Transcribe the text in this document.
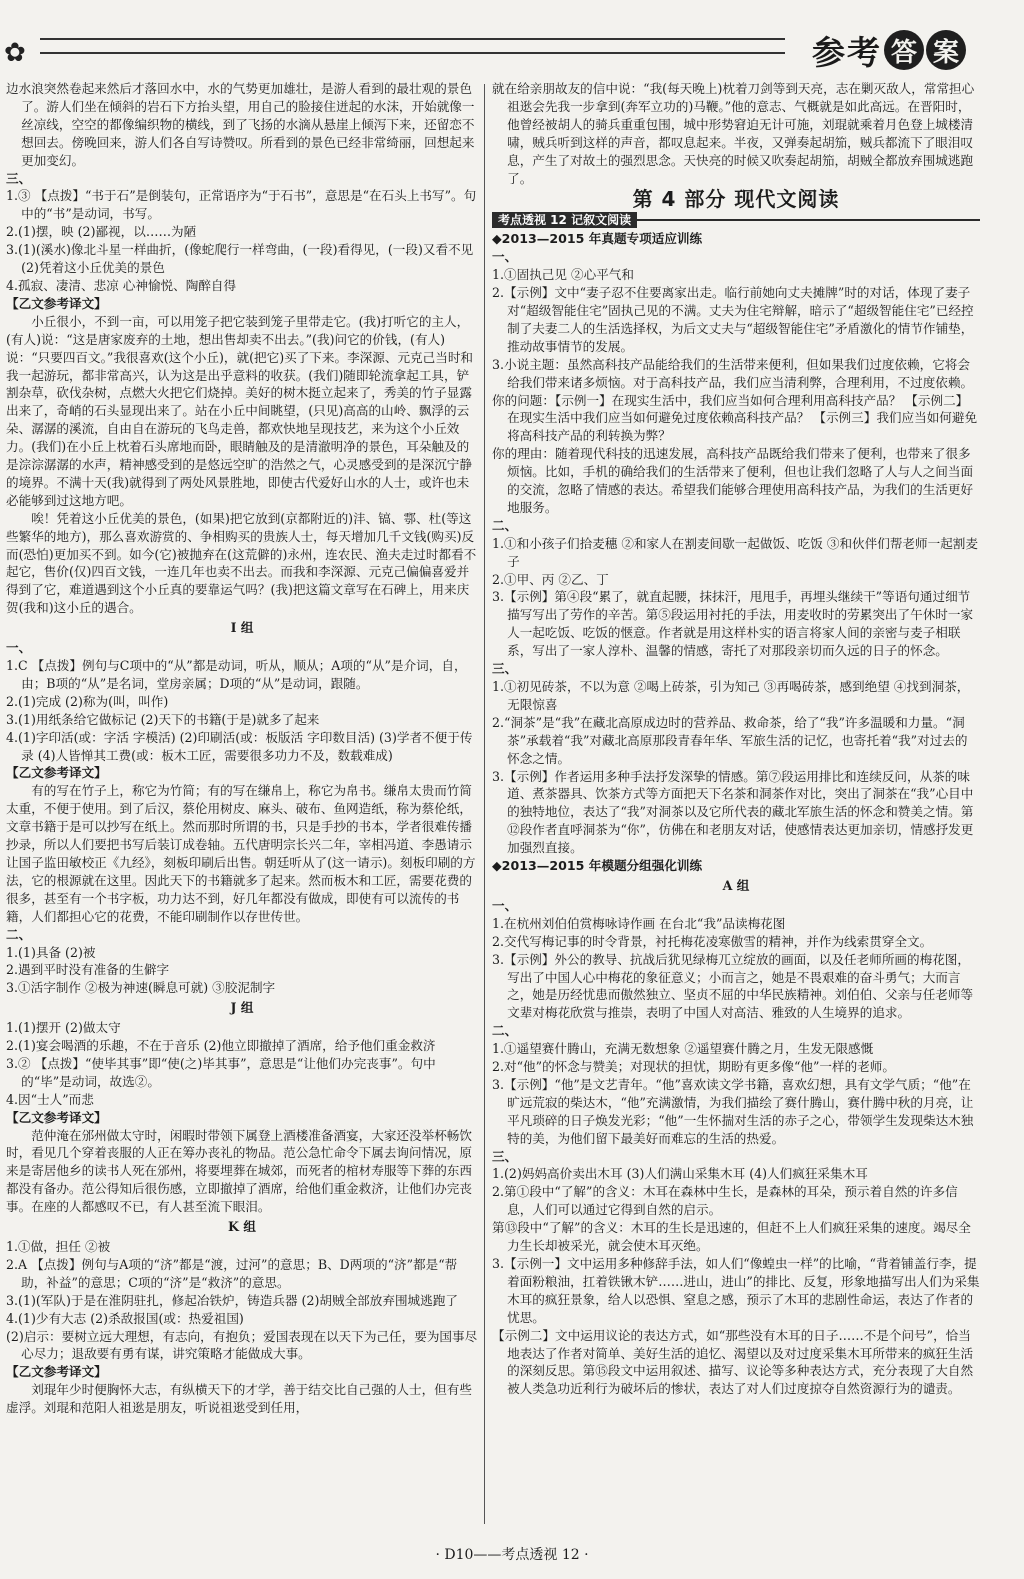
✿	参考 答 案

边水浪突然卷起来然后才落回水中，水的气势更加雄壮，是游人看到的最壮观的景色了。游人们坐在倾斜的岩石下方抬头望，用自己的脸接住迸起的水沫，开始就像一丝凉线，空空的都像编织物的横线，到了飞扬的水滴从悬崖上倾泻下来，还留恋不想回去。傍晚回来，游人们各自写诗赞叹。所看到的景色已经非常绮丽，回想起来更加变幻。

三、

1.③ 【点拨】“书于石”是倒装句，正常语序为“于石书”，意思是“在石头上书写”。句中的“书”是动词，书写。

2.(1)摆，映 (2)鄙视，以……为陋

3.(1)(溪水)像北斗星一样曲折，(像蛇爬行一样弯曲，(一段)看得见，(一段)又看不见 (2)凭着这小丘优美的景色

4.孤寂、凄清、悲凉 心神愉悦、陶醉自得

【乙文参考译文】

小丘很小，不到一亩，可以用笼子把它装到笼子里带走它。(我)打听它的主人，(有人)说：“这是唐家废弃的土地，想出售却卖不出去。”(我)问它的价钱，(有人)说：“只要四百文。”我很喜欢(这个小丘)，就(把它)买了下来。李深源、元克己当时和我一起游玩，都非常高兴，认为这是出乎意料的收获。(我们)随即轮流拿起工具，铲割杂草，砍伐杂树，点燃大火把它们烧掉。美好的树木挺立起来了，秀美的竹子显露出来了，奇峭的石头显现出来了。站在小丘中间眺望，(只见)高高的山岭、飘浮的云朵、潺潺的溪流，自由自在游玩的飞鸟走兽，都欢快地呈现技艺，来为这个小丘效力。(我们)在小丘上枕着石头席地而卧，眼睛触及的是清澈明净的景色，耳朵触及的是淙淙潺潺的水声，精神感受到的是悠远空旷的浩然之气，心灵感受到的是深沉宁静的境界。不满十天(我)就得到了两处风景胜地，即使古代爱好山水的人士，或许也未必能够到过这地方吧。

唉！凭着这小丘优美的景色，(如果)把它放到(京都附近的)沣、镐、鄠、杜(等这些繁华的地方)，那么喜欢游赏的、争相购买的贵族人士，每天增加几千文钱(购买)反而(恐怕)更加买不到。如今(它)被抛弃在(这荒僻的)永州，连农民、渔夫走过时都看不起它，售价(仅)四百文钱，一连几年也卖不出去。而我和李深源、元克己偏偏喜爱并得到了它，难道遇到这个小丘真的要靠运气吗？(我)把这篇文章写在石碑上，用来庆贺(我和)这小丘的遇合。

I 组

一、

1.C 【点拨】例句与C项中的“从”都是动词，听从，顺从；A项的“从”是介词，自，由；B项的“从”是名词，堂房亲属；D项的“从”是动词，跟随。

2.(1)完成 (2)称为(叫，叫作)

3.(1)用纸条给它做标记 (2)天下的书籍(于是)就多了起来

4.(1)字印活(或：字活 字模活) (2)印刷活(或：板版活 字印数目活) (3)学者不便于传录 (4)人皆惮其工费(或：板木工匠，需要很多功力不及，数载难成)

【乙文参考译文】

有的写在竹子上，称它为竹简；有的写在缣帛上，称它为帛书。缣帛太贵而竹简太重，不便于使用。到了后汉，蔡伦用树皮、麻头、破布、鱼网造纸，称为蔡伦纸，文章书籍于是可以抄写在纸上。然而那时所谓的书，只是手抄的书本，学者很难传播抄录，所以人们要把书写后装订成卷轴。五代唐明宗长兴二年，宰相冯道、李愚请示让国子监田敏校正《九经》，刻板印刷后出售。朝廷听从了(这一请示)。刻板印刷的方法，它的根源就在这里。因此天下的书籍就多了起来。然而板木和工匠，需要花费的很多，甚至有一个书字板，功力达不到，好几年都没有做成，即使有可以流传的书籍，人们都担心它的花费，不能印刷制作以存世传世。

二、

1.(1)具备 (2)被

2.遇到平时没有准备的生僻字

3.①活字制作 ②极为神速(瞬息可就) ③胶泥制字

J 组

1.(1)摆开 (2)做太守

2.(1)宴会喝酒的乐趣，不在于音乐 (2)他立即撤掉了酒席，给予他们重金救济

3.② 【点拨】“使毕其事”即“使(之)毕其事”，意思是“让他们办完丧事”。句中的“毕”是动词，故选②。

4.因“士人”而悲

【乙文参考译文】

范仲淹在邠州做太守时，闲暇时带领下属登上酒楼准备酒宴，大家还没举杯畅饮时，看见几个穿着丧服的人正在筹办丧礼的物品。范公急忙命令下属去询问情况，原来是寄居他乡的读书人死在邠州，将要埋葬在城郊，而死者的棺材寿服等下葬的东西都没有备办。范公得知后很伤感，立即撤掉了酒席，给他们重金救济，让他们办完丧事。在座的人都感叹不已，有人甚至流下眼泪。

K 组

1.①做，担任 ②被

2.A 【点拨】例句与A项的“济”都是“渡，过河”的意思；B、D两项的“济”都是“帮助，补益”的意思；C项的“济”是“救济”的意思。

3.(1)(军队)于是在淮阴驻扎，修起冶铁炉，铸造兵器 (2)胡贼全部放弃围城逃跑了

4.(1)少有大志 (2)杀敌报国(或：热爱祖国)

(2)启示：要树立远大理想，有志向，有抱负；爱国表现在以天下为己任，要为国事尽心尽力；退敌要有勇有谋，讲究策略才能做成大事。

【乙文参考译文】

刘琨年少时便胸怀大志，有纵横天下的才学，善于结交比自己强的人士，但有些虚浮。刘琨和范阳人祖逖是朋友，听说祖逖受到任用，

就在给亲朋故友的信中说：“我(每天晚上)枕着刀剑等到天亮，志在剿灭敌人，常常担心祖逖会先我一步拿到(奔军立功的)马鞭。”他的意志、气概就是如此高远。在晋阳时，他曾经被胡人的骑兵重重包围，城中形势窘迫无计可施，刘琨就乘着月色登上城楼清啸，贼兵听到这样的声音，都叹息起来。半夜，又弹奏起胡笳，贼兵都流下了眼泪叹息，产生了对故土的强烈思念。天快亮的时候又吹奏起胡笳，胡贼全都放弃围城逃跑了。

第 4 部分 现代文阅读
考点透视 12 记叙文阅读

◆2013—2015 年真题专项适应训练

一、

1.①固执己见 ②心平气和

2.【示例】文中“妻子忍不住要离家出走。临行前她向丈夫摊牌”时的对话，体现了妻子对“超级智能住宅”固执己见的不满。丈夫为住宅辩解，暗示了“超级智能住宅”已经控制了夫妻二人的生活选择权，为后文丈夫与“超级智能住宅”矛盾激化的情节作铺垫，推动故事情节的发展。

3.小说主题：虽然高科技产品能给我们的生活带来便利，但如果我们过度依赖，它将会给我们带来诸多烦恼。对于高科技产品，我们应当清利弊，合理利用，不过度依赖。

你的问题：【示例一】在现实生活中，我们应当如何合理利用高科技产品？ 【示例二】在现实生活中我们应当如何避免过度依赖高科技产品？ 【示例三】我们应当如何避免将高科技产品的利转换为弊？

你的理由：随着现代科技的迅速发展，高科技产品既给我们带来了便利，也带来了很多烦恼。比如，手机的确给我们的生活带来了便利，但也让我们忽略了人与人之间当面的交流，忽略了情感的表达。希望我们能够合理使用高科技产品，为我们的生活更好地服务。

二、

1.①和小孩子们拾麦穗 ②和家人在割麦间歇一起做饭、吃饭 ③和伙伴们帮老师一起割麦子

2.①甲、丙 ②乙、丁

3.【示例】第④段“累了，就直起腰，抹抹汗，甩甩手，再埋头继续干”等语句通过细节描写写出了劳作的辛苦。第⑤段运用衬托的手法，用麦收时的劳累突出了午休时一家人一起吃饭、吃饭的惬意。作者就是用这样朴实的语言将家人间的亲密与麦子相联系，写出了一家人淳朴、温馨的情感，寄托了对那段亲切而久远的日子的怀念。

三、

1.①初见砖茶，不以为意 ②喝上砖茶，引为知己 ③再喝砖茶，感到绝望 ④找到洞茶，无限惊喜

2.“洞茶”是“我”在藏北高原成边时的营养品、救命茶，给了“我”许多温暖和力量。“洞茶”承载着“我”对藏北高原那段青春年华、军旅生活的记忆，也寄托着“我”对过去的怀念之情。

3.【示例】作者运用多种手法抒发深挚的情感。第⑦段运用排比和连续反问，从茶的味道、煮茶器具、饮茶方式等方面把天下名茶和洞茶作对比，突出了洞茶在“我”心目中的独特地位，表达了“我”对洞茶以及它所代表的藏北军旅生活的怀念和赞美之情。第⑫段作者直呼洞茶为“你”，仿佛在和老朋友对话，使感情表达更加亲切，情感抒发更加强烈直接。

◆2013—2015 年模题分组强化训练

A 组

一、

1.在杭州刘伯伯赏梅咏诗作画 在台北“我”品读梅花图

2.交代写梅记事的时令背景，衬托梅花凌寒傲雪的精神，并作为线索贯穿全文。

3.【示例】外公的教导、抗战后犹见绿梅兀立绽放的画面，以及任老师所画的梅花图，写出了中国人心中梅花的象征意义；小而言之，她是不畏艰难的奋斗勇气；大而言之，她是历经忧患而傲然独立、坚贞不屈的中华民族精神。刘伯伯、父亲与任老师等文辈对梅花欣赏与推崇，表明了中国人对高洁、雅致的人生境界的追求。

二、

1.①遥望赛什腾山，充满无数想象 ②遥望赛什腾之月，生发无限感慨

2.对“他”的怀念与赞美；对现状的担忧，期盼有更多像“他”一样的老师。

3.【示例】“他”是文艺青年。“他”喜欢读文学书籍，喜欢幻想，具有文学气质；“他”在旷远荒寂的柴达木，“他”充满激情，为我们描绘了赛什腾山，赛什腾中秋的月亮，让平凡琐碎的日子焕发光彩；“他”一生怀揣对生活的赤子之心，带领学生发现柴达木独特的美，为他们留下最美好而难忘的生活的热爱。

三、

1.(2)妈妈高价卖出木耳 (3)人们满山采集木耳 (4)人们疯狂采集木耳

2.第①段中“了解”的含义：木耳在森林中生长，是森林的耳朵，预示着自然的许多信息，人们可以通过它得到自然的启示。

第⑬段中“了解”的含义：木耳的生长是迅速的，但赶不上人们疯狂采集的速度。竭尽全力生长却被采光，就会使木耳灭绝。

3.【示例一】文中运用多种修辞手法，如人们“像蝗虫一样”的比喻，“背着铺盖行李，提着面粉粮油，扛着铁锹木铲……进山，进山”的排比、反复，形象地描写出人们为采集木耳的疯狂景象，给人以恐惧、窒息之感，预示了木耳的悲剧性命运，表达了作者的忧思。

【示例二】文中运用议论的表达方式，如“那些没有木耳的日子……不是个问号”，恰当地表达了作者对简单、美好生活的追忆、渴望以及对过度采集木耳所带来的疯狂生活的深刻反思。第⑮段文中运用叙述、描写、议论等多种表达方式，充分表现了大自然被人类急功近利行为破坏后的惨状，表达了对人们过度掠夺自然资源行为的谴责。

· D10——考点透视 12 ·
